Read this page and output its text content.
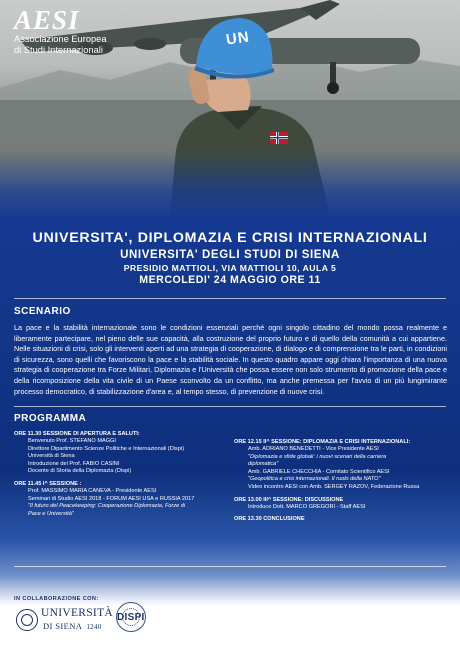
UN
AESI
Associazione Europea
di Studi Internazionali
UNIVERSITA', DIPLOMAZIA E CRISI INTERNAZIONALI
UNIVERSITA' DEGLI STUDI DI SIENA
PRESIDIO MATTIOLI, VIA MATTIOLI 10, AULA 5
MERCOLEDI' 24 MAGGIO ORE 11
SCENARIO
La pace e la stabilità internazionale sono le condizioni essenziali perché ogni singolo cittadino del mondo possa realmente e liberamente partecipare, nel pieno delle sue capacità, alla costruzione del proprio futuro e di quello della comunità a cui appartiene. Nelle situazioni di crisi, solo gli interventi aperti ad una strategia di cooperazione, di dialogo e di comprensione tra le parti, in condizioni di sicurezza, sono quelli che favoriscono la pace e la stabilità sociale. In questo quadro appare oggi chiara l'importanza di una nuova strategia di cooperazione tra Forze Militari, Diplomazia e l'Università che possa essere non solo strumento di promozione della pace e della ricomposizione della vita civile di un Paese sconvolto da un conflitto, ma anche premessa per l'avvio di un più lungimirante processo democratico, di stabilizzazione d'area e, al tempo stesso, di prevenzione di nuove crisi.
PROGRAMMA
ORE 11.30 SESSIONE DI APERTURA E SALUTI:
Benvenuto Prof. STEFANO MAGGI
Direttore Dipartimento Scienze Politiche e Internazionali (Dispi)
Università di Siena
Introduzione del Prof. FABIO CASINI
Docente di Storia della Diplomazia (Dispi)
ORE 11.45 I^ SESSIONE :
Prof. MASSIMO MARIA CANEVA - Presidente AESI
Seminari di Studio AESI 2018 - FORUM AESI USA e RUSSIA 2017
"Il futuro del Peacekeeping: Cooperazione Diplomazia, Forze di
Pace e Università"
ORE 12.15 II^ SESSIONE: DIPLOMAZIA E CRISI INTERNAZIONALI:
Amb. ADRIANO BENEDETTI - Vice Presidente AESI
"Diplomazia e sfide globali: i nuovi scenari della carriera
diplomatica"
Amb. GABRIELE CHECCHIA - Comitato Scientifico AESI
"Geopolitica e crisi internazionali. Il ruolo della NATO"
Video incontro AESI con Amb. SERGEY RAZOV, Federazione Russa
ORE 13.00 III^ SESSIONE: DISCUSSIONE
Introduce Dott. MARCO GREGORI - Staff AESI
ORE 13.30 CONCLUSIONE
IN COLLABORAZIONE CON:
UNIVERSITÀ
DI SIENA 1240
DISPI
